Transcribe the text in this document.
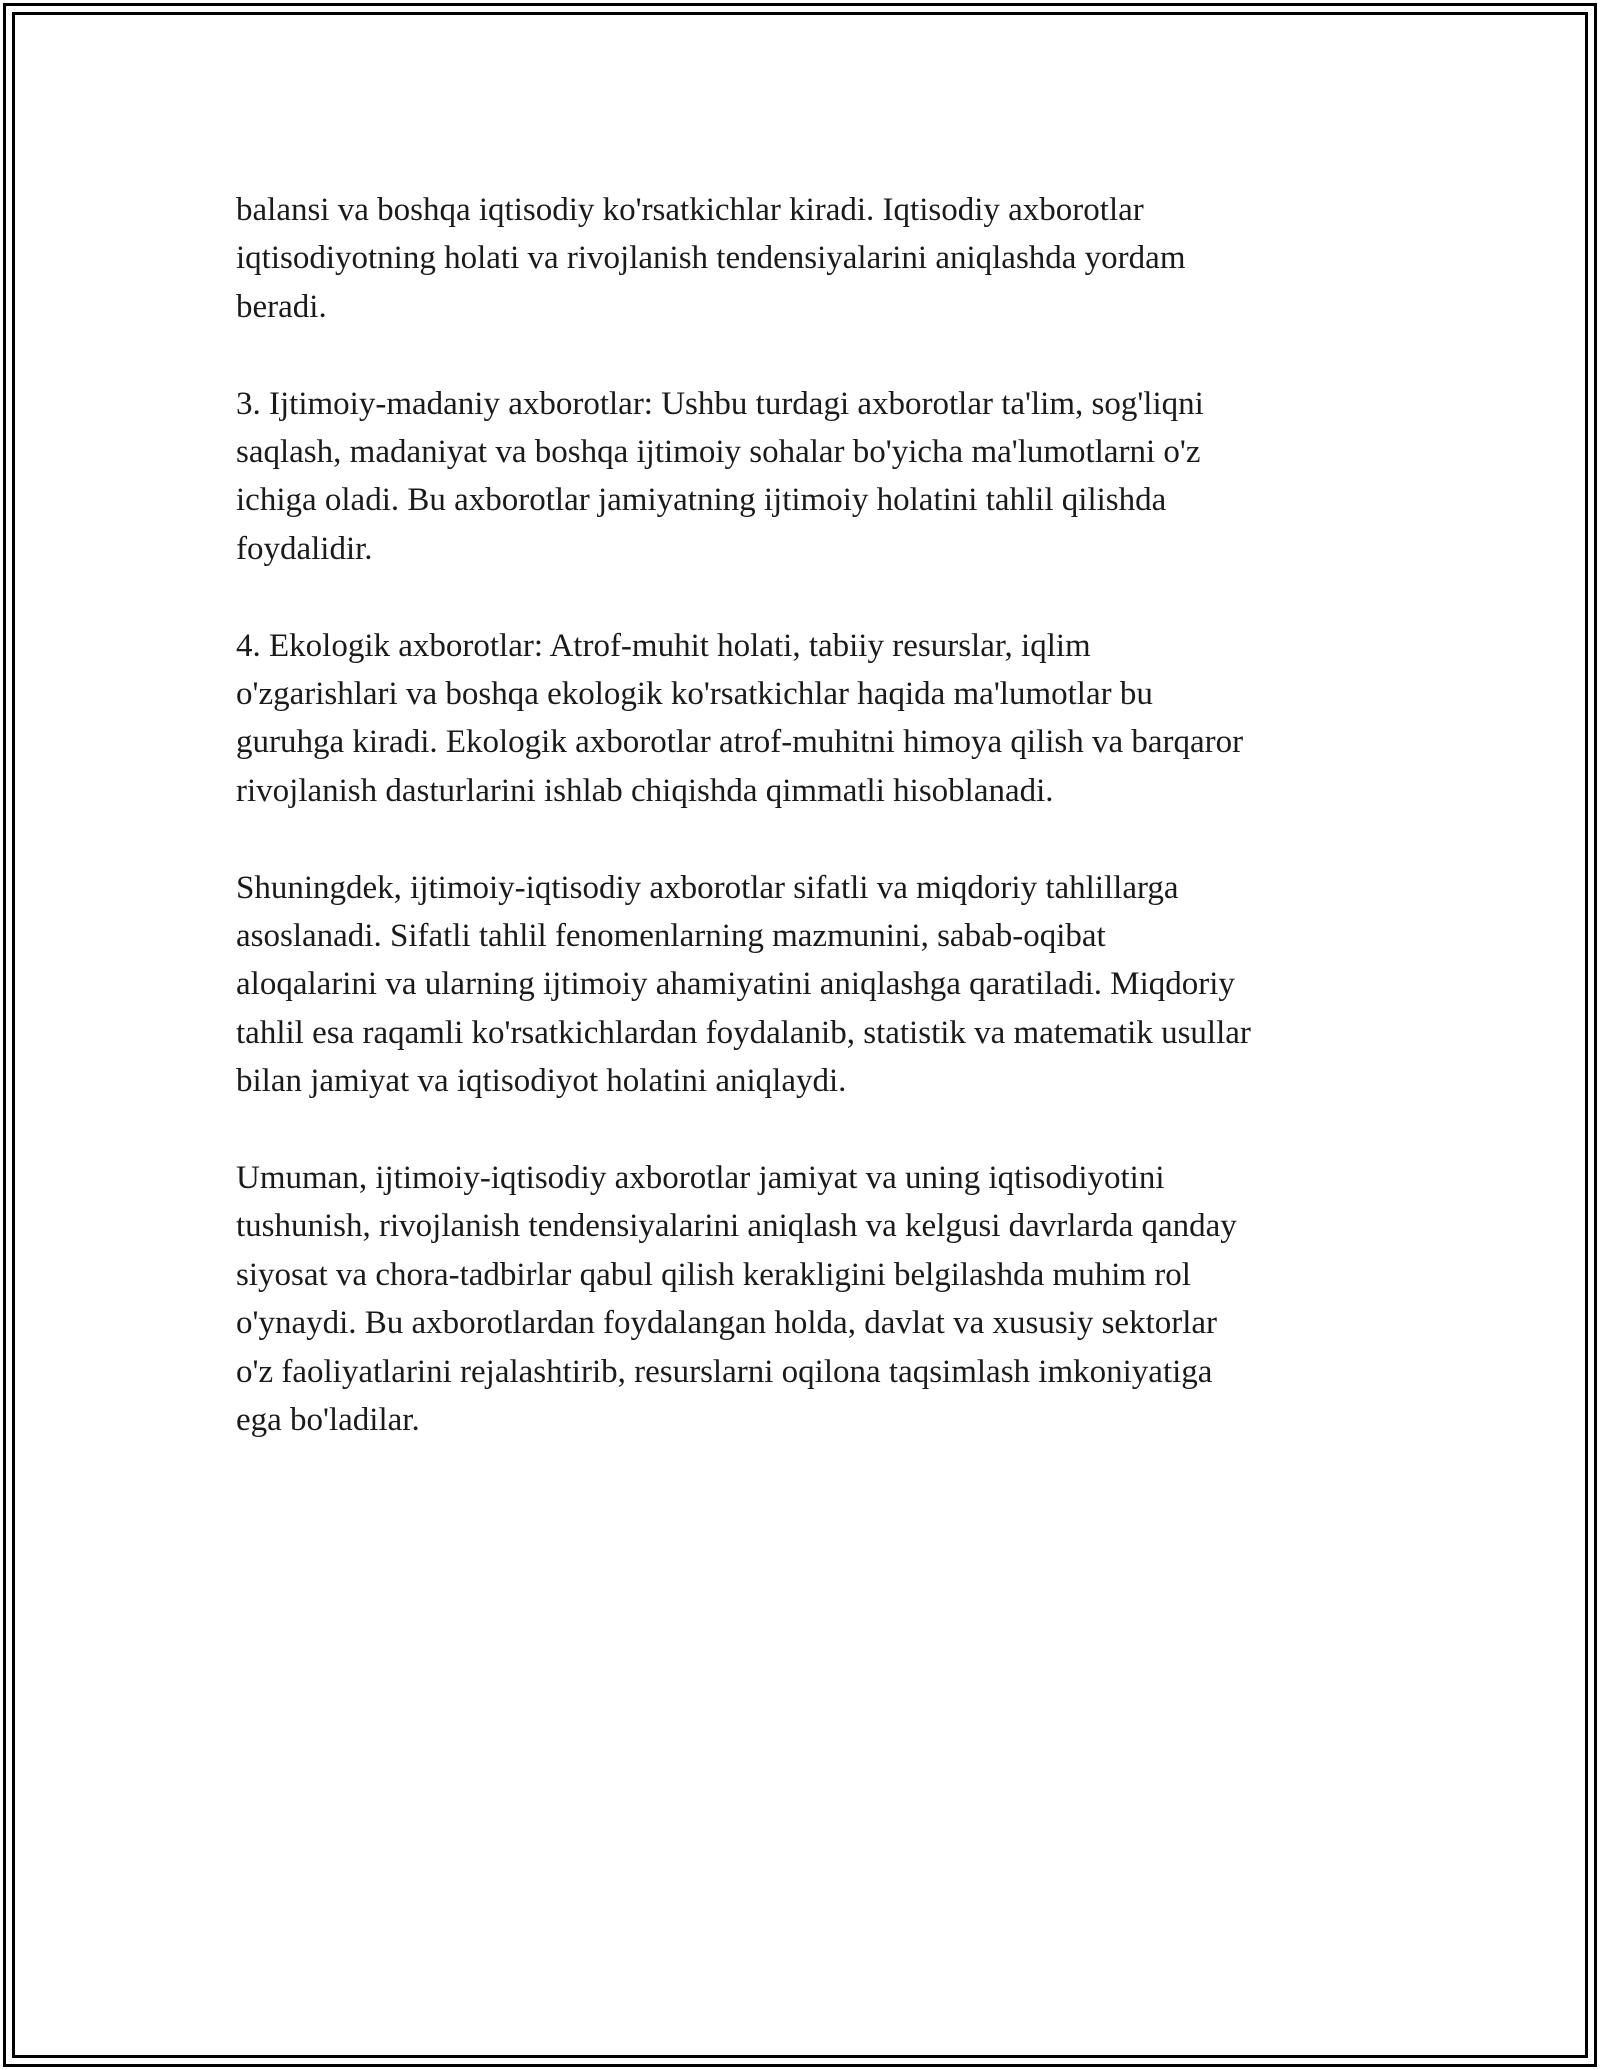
balansi va boshqa iqtisodiy ko'rsatkichlar kiradi. Iqtisodiy axborotlar
iqtisodiyotning holati va rivojlanish tendensiyalarini aniqlashda yordam
beradi.

3. Ijtimoiy-madaniy axborotlar: Ushbu turdagi axborotlar ta'lim, sog'liqni
saqlash, madaniyat va boshqa ijtimoiy sohalar bo'yicha ma'lumotlarni o'z
ichiga oladi. Bu axborotlar jamiyatning ijtimoiy holatini tahlil qilishda
foydalidir.

4. Ekologik axborotlar: Atrof-muhit holati, tabiiy resurslar, iqlim
o'zgarishlari va boshqa ekologik ko'rsatkichlar haqida ma'lumotlar bu
guruhga kiradi. Ekologik axborotlar atrof-muhitni himoya qilish va barqaror
rivojlanish dasturlarini ishlab chiqishda qimmatli hisoblanadi.

Shuningdek, ijtimoiy-iqtisodiy axborotlar sifatli va miqdoriy tahlillarga
asoslanadi. Sifatli tahlil fenomenlarning mazmunini, sabab-oqibat
aloqalarini va ularning ijtimoiy ahamiyatini aniqlashga qaratiladi. Miqdoriy
tahlil esa raqamli ko'rsatkichlardan foydalanib, statistik va matematik usullar
bilan jamiyat va iqtisodiyot holatini aniqlaydi.

Umuman, ijtimoiy-iqtisodiy axborotlar jamiyat va uning iqtisodiyotini
tushunish, rivojlanish tendensiyalarini aniqlash va kelgusi davrlarda qanday
siyosat va chora-tadbirlar qabul qilish kerakligini belgilashda muhim rol
o'ynaydi. Bu axborotlardan foydalangan holda, davlat va xususiy sektorlar
o'z faoliyatlarini rejalashtirib, resurslarni oqilona taqsimlash imkoniyatiga
ega bo'ladilar.
